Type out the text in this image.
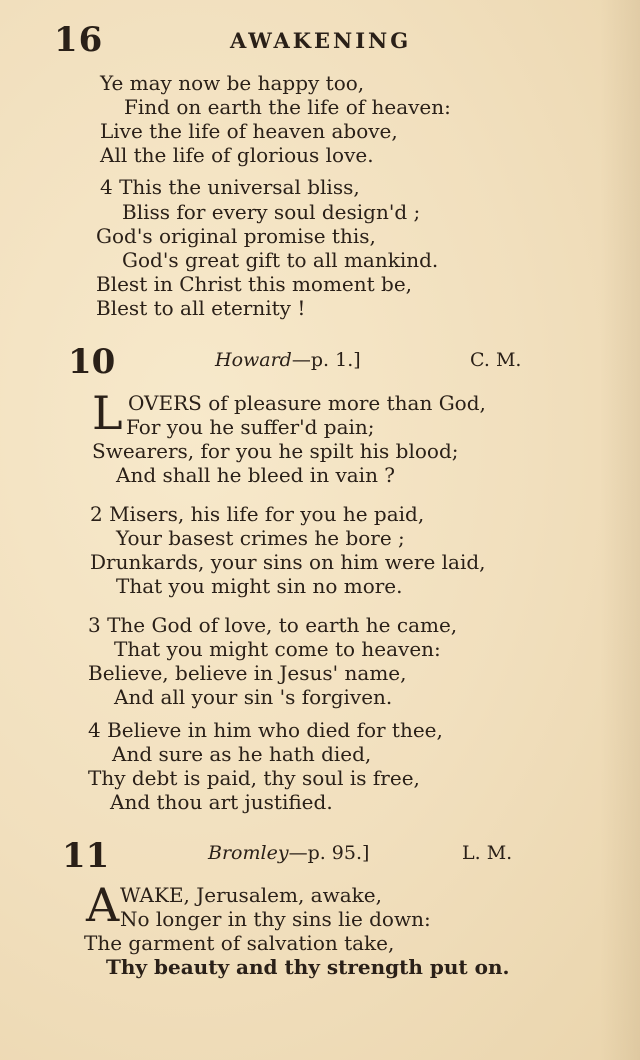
16	AWAKENING
Ye may now be happy too,
Find on earth the life of heaven:
Live the life of heaven above,
All the life of glorious love.
4 This the universal bliss,
Bliss for every soul design'd ;
God's original promise this,
God's great gift to all mankind.
Blest in Christ this moment be,
Blest to all eternity !
10	Howard—p. 1.]	C. M.
L OVERS of pleasure more than God,
For you he suffer'd pain;
Swearers, for you he spilt his blood;
And shall he bleed in vain ?
2 Misers, his life for you he paid,
Your basest crimes he bore ;
Drunkards, your sins on him were laid,
That you might sin no more.
3 The God of love, to earth he came,
That you might come to heaven:
Believe, believe in Jesus' name,
And all your sin 's forgiven.
4 Believe in him who died for thee,
And sure as he hath died,
Thy debt is paid, thy soul is free,
And thou art justified.
11	Bromley—p. 95.]	L. M.
A WAKE, Jerusalem, awake,
No longer in thy sins lie down:
The garment of salvation take,
Thy beauty and thy strength put on.
